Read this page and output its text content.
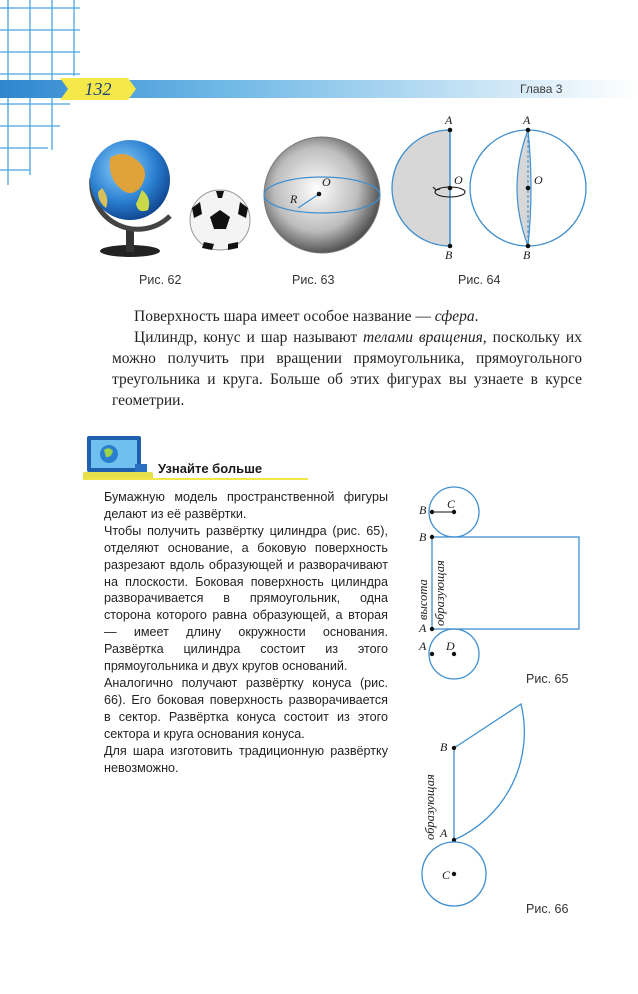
132	Глава 3
Рис. 62
O
R
Рис. 63
A
B
O
A
B
O
Рис. 64

Поверхность шара имеет особое название — сфера.

Цилиндр, конус и шар называют телами вращения, поскольку их можно получить при вращении прямоугольника, прямоугольного треугольника и круга. Больше об этих фигурах вы узнаете в курсе геометрии.

Узнайте больше

Бумажную модель пространственной фигуры делают из её развёртки.

Чтобы получить развёртку цилиндра (рис. 65), отделяют основание, а боковую поверхность разрезают вдоль образующей и разворачивают на плоскости. Боковая поверхность цилиндра разворачивается в прямоугольник, одна сторона которого равна образующей, а вторая — имеет длину окружности основания. Развёртка цилиндра состоит из этого прямоугольника и двух кругов оснований.

Аналогично получают развёртку конуса (рис. 66). Его боковая поверхность разворачивается в сектор. Развёртка конуса состоит из этого сектора и круга основания конуса.

Для шара изготовить традиционную развёртку невозможно.

B C
B
A
A D
высота образующая
Рис. 65
B
A
C
образующая
Рис. 66
